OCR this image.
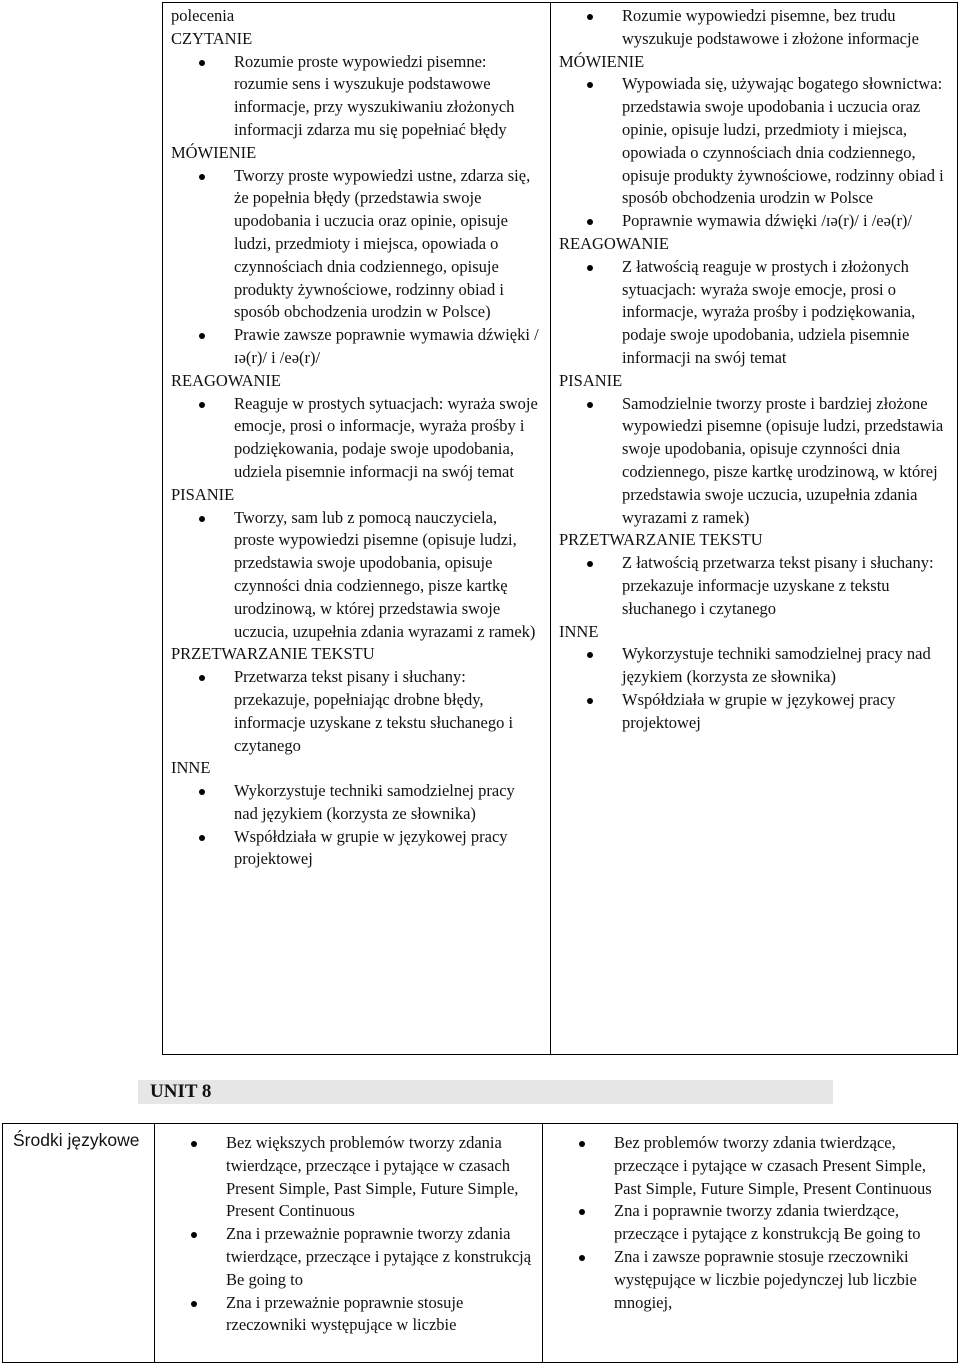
polecenia
CZYTANIE
Rozumie proste wypowiedzi pisemne: rozumie sens i wyszukuje podstawowe informacje, przy wyszukiwaniu złożonych informacji zdarza mu się popełniać błędy
MÓWIENIE
Tworzy proste wypowiedzi ustne, zdarza się, że popełnia błędy (przedstawia swoje upodobania i uczucia oraz opinie, opisuje ludzi, przedmioty i miejsca, opowiada o czynnościach dnia codziennego, opisuje produkty żywnościowe, rodzinny obiad i sposób obchodzenia urodzin w Polsce)
Prawie zawsze poprawnie wymawia dźwięki /ɪə(r)/ i /eə(r)/
REAGOWANIE
Reaguje w prostych sytuacjach: wyraża swoje emocje, prosi o informacje, wyraża prośby i podziękowania, podaje swoje upodobania, udziela pisemnie informacji na swój temat
PISANIE
Tworzy, sam lub z pomocą nauczyciela, proste wypowiedzi pisemne (opisuje ludzi, przedstawia swoje upodobania, opisuje czynności dnia codziennego, pisze kartkę urodzinową, w której przedstawia swoje uczucia, uzupełnia zdania wyrazami z ramek)
PRZETWARZANIE TEKSTU
Przetwarza tekst pisany i słuchany: przekazuje, popełniając drobne błędy, informacje uzyskane z tekstu słuchanego i czytanego
INNE
Wykorzystuje techniki samodzielnej pracy nad językiem (korzysta ze słownika)
Współdziała w grupie w językowej pracy projektowej

Rozumie wypowiedzi pisemne, bez trudu wyszukuje podstawowe i złożone informacje
MÓWIENIE
Wypowiada się, używając bogatego słownictwa: przedstawia swoje upodobania i uczucia oraz opinie, opisuje ludzi, przedmioty i miejsca, opowiada o czynnościach dnia codziennego, opisuje produkty żywnościowe, rodzinny obiad i sposób obchodzenia urodzin w Polsce
Poprawnie wymawia dźwięki /ɪə(r)/ i /eə(r)/
REAGOWANIE
Z łatwością reaguje w prostych i złożonych sytuacjach: wyraża swoje emocje, prosi o informacje, wyraża prośby i podziękowania, podaje swoje upodobania, udziela pisemnie informacji na swój temat
PISANIE
Samodzielnie tworzy proste i bardziej złożone wypowiedzi pisemne (opisuje ludzi, przedstawia swoje upodobania, opisuje czynności dnia codziennego, pisze kartkę urodzinową, w której przedstawia swoje uczucia, uzupełnia zdania wyrazami z ramek)
PRZETWARZANIE TEKSTU
Z łatwością przetwarza tekst pisany i słuchany: przekazuje informacje uzyskane z tekstu słuchanego i czytanego
INNE
Wykorzystuje techniki samodzielnej pracy nad językiem (korzysta ze słownika)
Współdziała w grupie w językowej pracy projektowej
UNIT 8
Środki językowe	Bez większych problemów tworzy zdania twierdzące, przeczące i pytające w czasach Present Simple, Past Simple, Future Simple, Present Continuous
Zna i przeważnie poprawnie tworzy zdania twierdzące, przeczące i pytające z konstrukcją Be going to
Zna i przeważnie poprawnie stosuje rzeczowniki występujące w liczbie

Bez problemów tworzy zdania twierdzące, przeczące i pytające w czasach Present Simple, Past Simple, Future Simple, Present Continuous
Zna i poprawnie tworzy zdania twierdzące, przeczące i pytające z konstrukcją Be going to
Zna i zawsze poprawnie stosuje rzeczowniki występujące w liczbie pojedynczej lub liczbie mnogiej,
